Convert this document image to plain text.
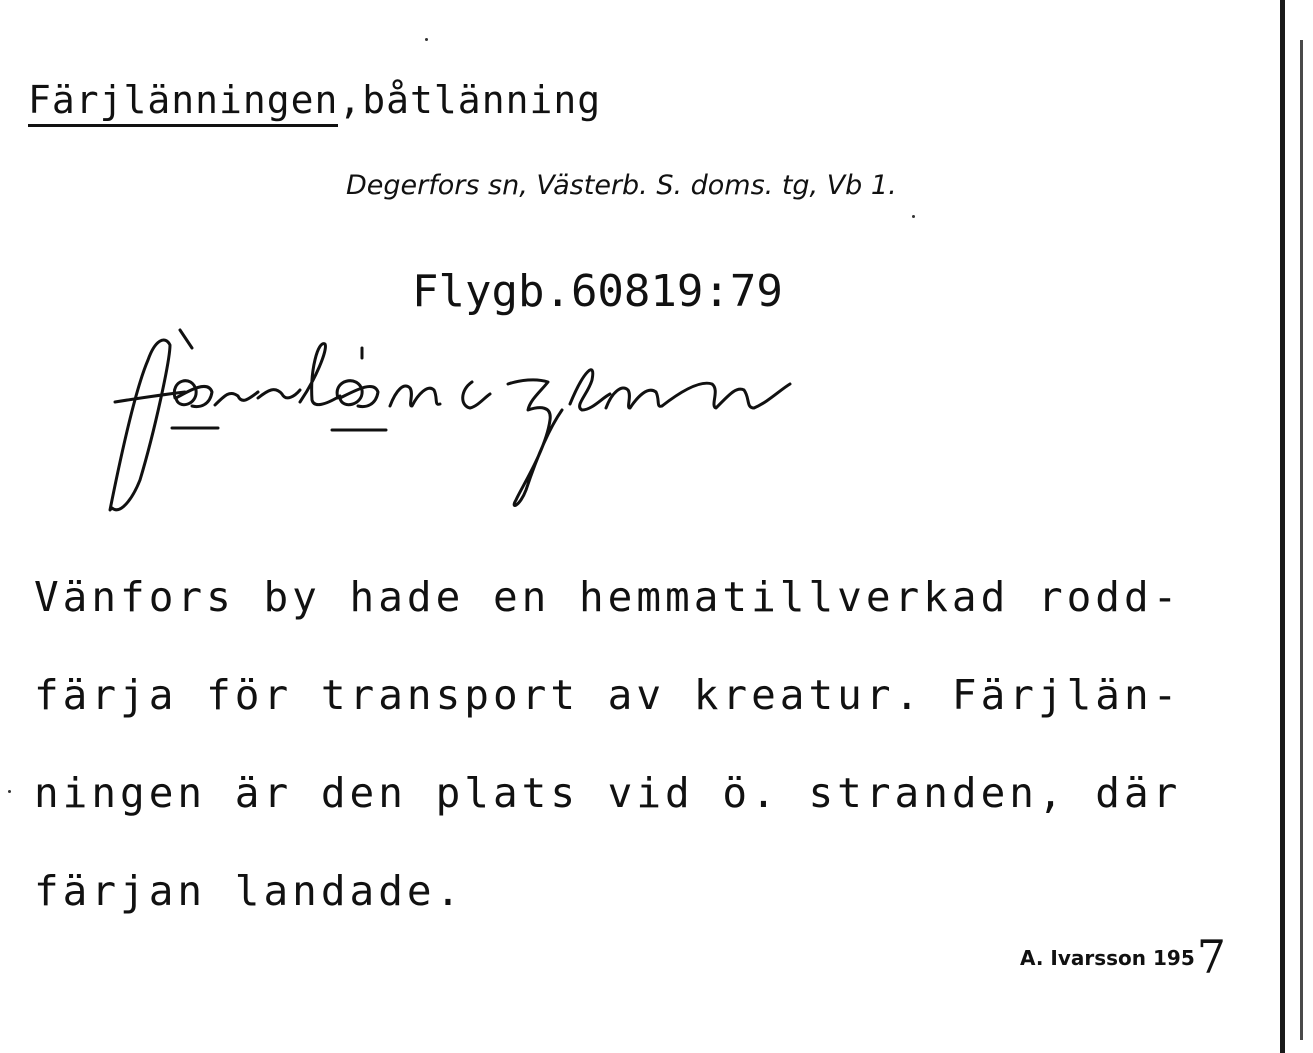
Färjlänningen,båtlänning
Degerfors sn, Västerb. S. doms. tg, Vb 1.
Flygb.60819:79
Vänfors by hade en hemmatillverkad rodd-
färja för transport av kreatur. Färjlän-
ningen är den plats vid ö. stranden, där
färjan landade.
A. Ivarsson 1957
